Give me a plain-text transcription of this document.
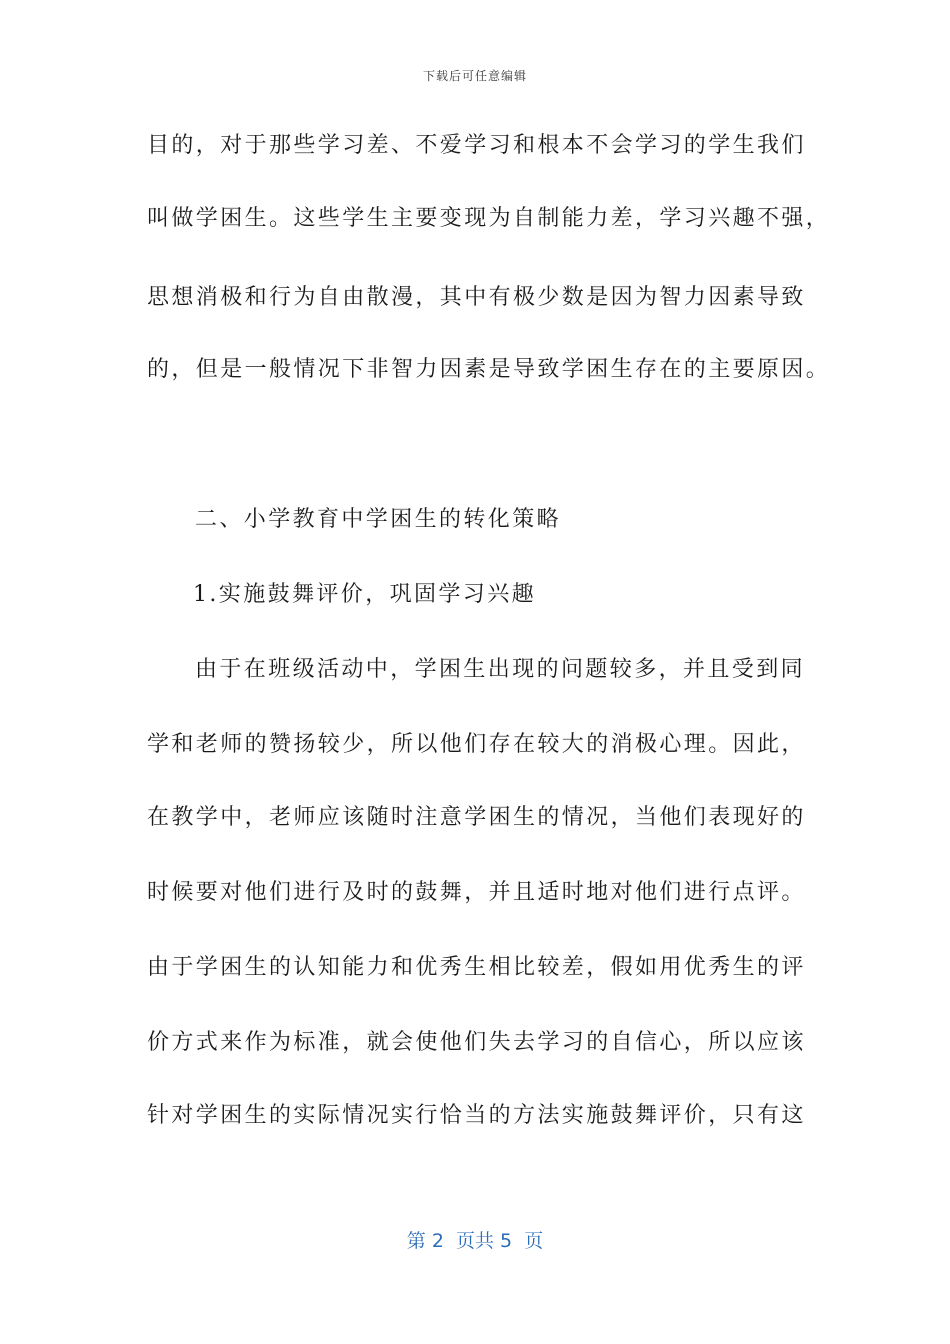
下载后可任意编辑
目的，对于那些学习差、不爱学习和根本不会学习的学生我们
叫做学困生。这些学生主要变现为自制能力差，学习兴趣不强，
思想消极和行为自由散漫，其中有极少数是因为智力因素导致
的，但是一般情况下非智力因素是导致学困生存在的主要原因。
二、小学教育中学困生的转化策略
1.实施鼓舞评价，巩固学习兴趣
由于在班级活动中，学困生出现的问题较多，并且受到同
学和老师的赞扬较少，所以他们存在较大的消极心理。因此，
在教学中，老师应该随时注意学困生的情况，当他们表现好的
时候要对他们进行及时的鼓舞，并且适时地对他们进行点评。
由于学困生的认知能力和优秀生相比较差，假如用优秀生的评
价方式来作为标准，就会使他们失去学习的自信心，所以应该
针对学困生的实际情况实行恰当的方法实施鼓舞评价，只有这
第 2  页共 5  页
